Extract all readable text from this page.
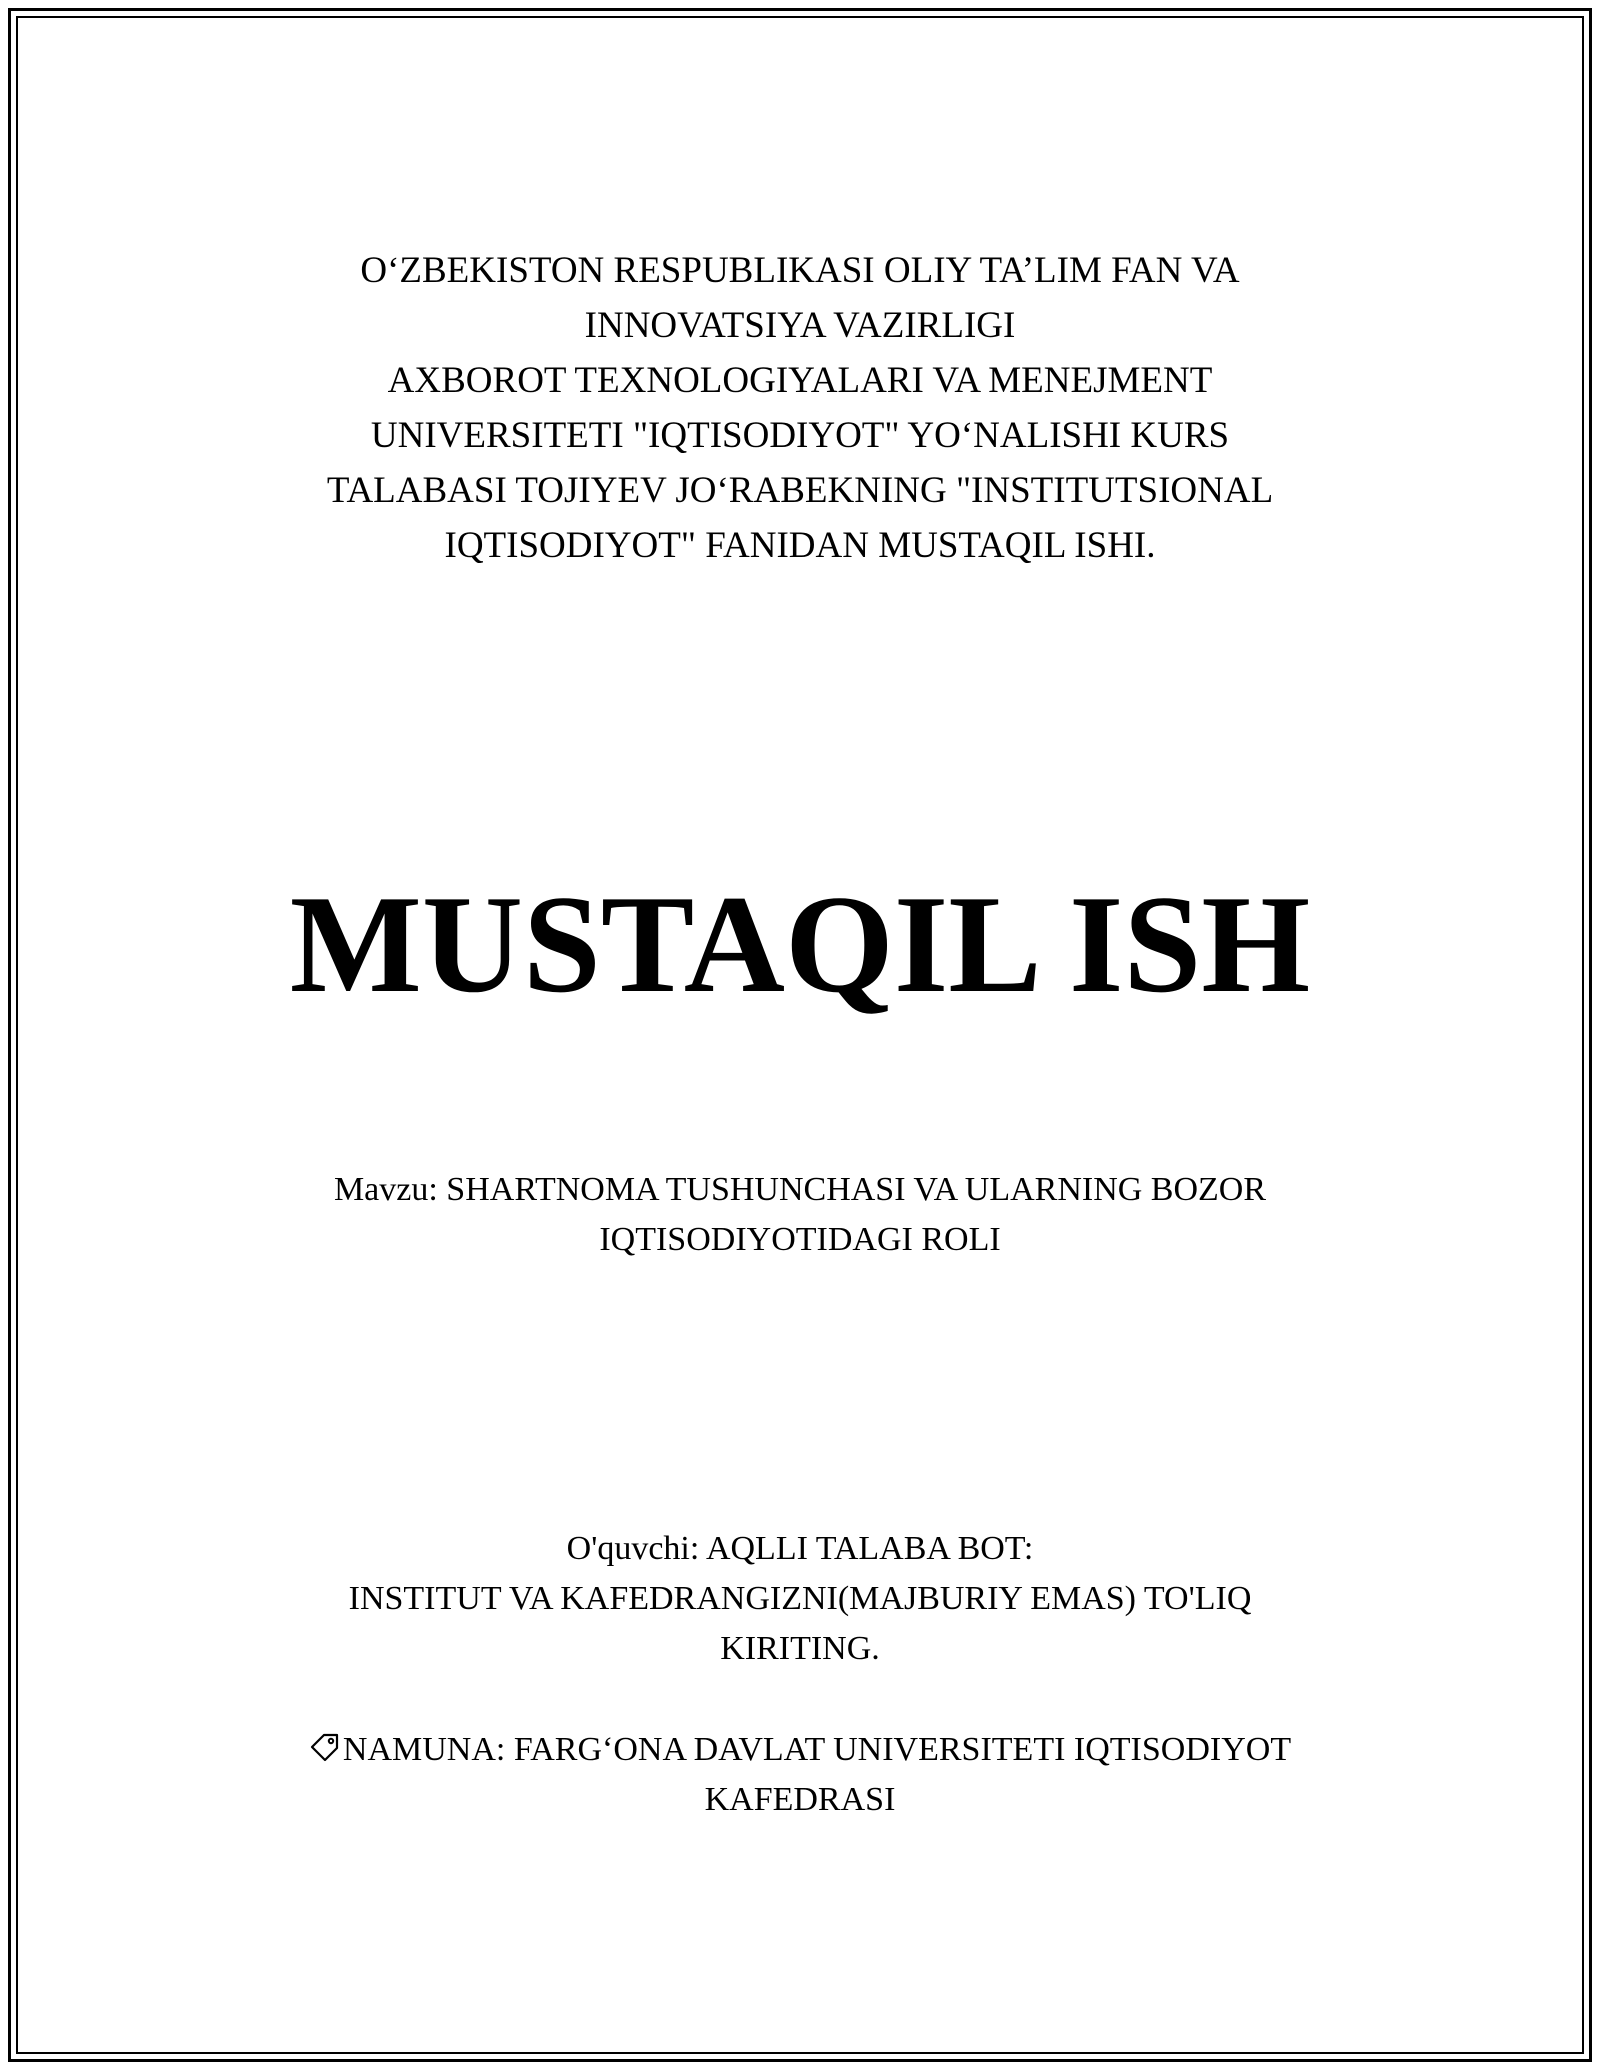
O‘ZBEKISTON RESPUBLIKASI OLIY TA’LIM FAN VA
INNOVATSIYA VAZIRLIGI
AXBOROT TEXNOLOGIYALARI VA MENEJMENT
UNIVERSITETI "IQTISODIYOT" YO‘NALISHI KURS
TALABASI TOJIYEV JO‘RABEKNING "INSTITUTSIONAL
IQTISODIYOT" FANIDAN MUSTAQIL ISHI.
MUSTAQIL ISH
Mavzu: SHARTNOMA TUSHUNCHASI VA ULARNING BOZOR
IQTISODIYOTIDAGI ROLI
O'quvchi: AQLLI TALABA BOT:
INSTITUT VA KAFEDRANGIZNI(MAJBURIY EMAS) TO'LIQ
KIRITING.
NAMUNA: FARG‘ONA DAVLAT UNIVERSITETI IQTISODIYOT
KAFEDRASI
